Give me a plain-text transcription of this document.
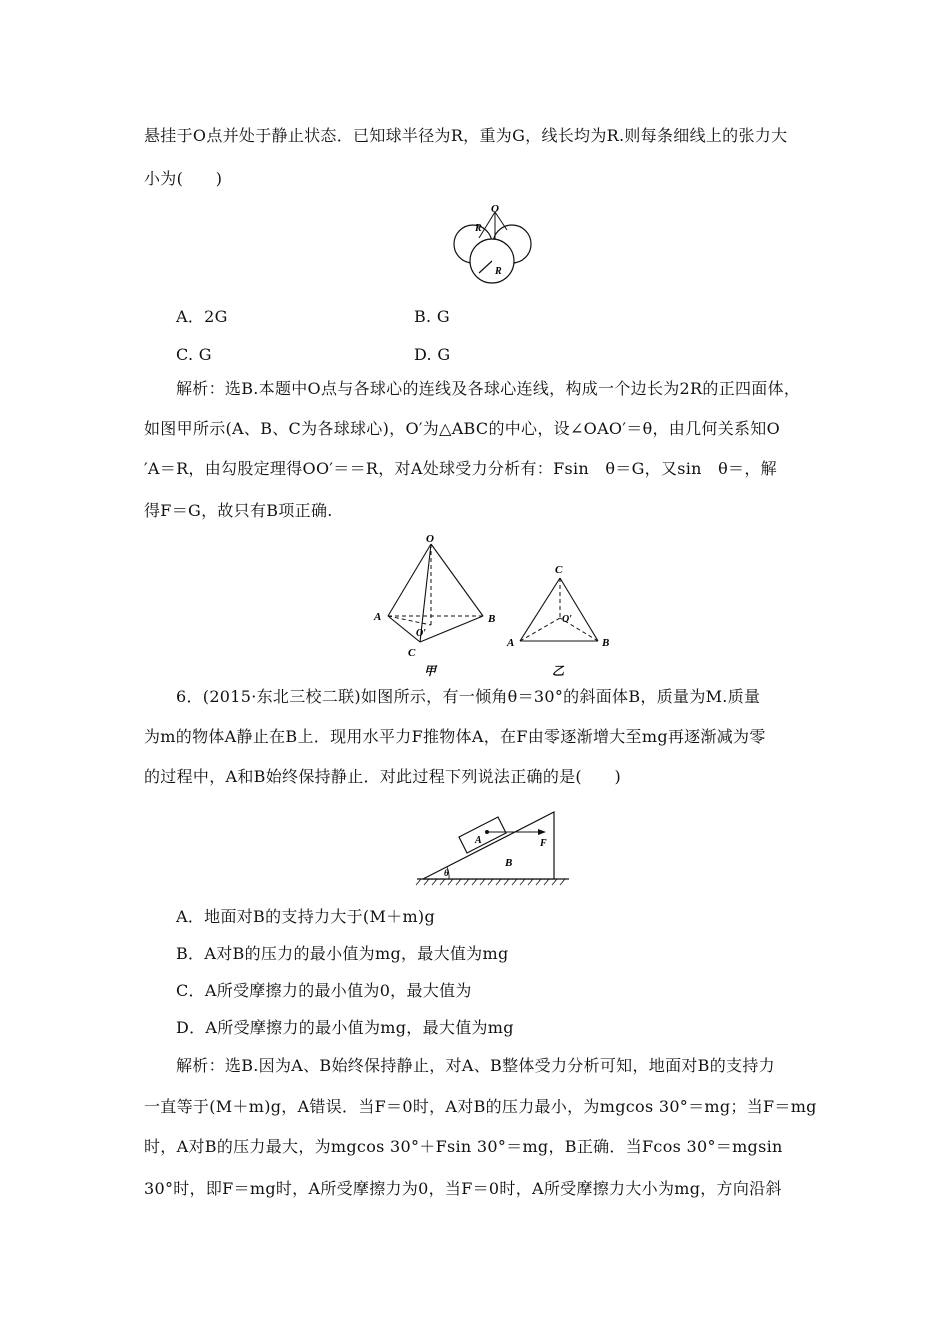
悬挂于O点并处于静止状态．已知球半径为R，重为G，线长均为R.则每条细线上的张力大
小为(　　)
O
R
R
A．2G	B. G
C. G	D. G
解析：选B.本题中O点与各球心的连线及各球心连线，构成一个边长为2R的正四面体，
如图甲所示(A、B、C为各球球心)，O′为△ABC的中心，设∠OAO′＝θ，由几何关系知O
′A＝R，由勾股定理得OO′＝＝R，对A处球受力分析有：Fsin　θ＝G，又sin　θ＝，解
得F＝G，故只有B项正确.
O
A	B
C
O′
甲
C
A	B
O′
乙
6．(2015·东北三校二联)如图所示，有一倾角θ＝30°的斜面体B，质量为M.质量
为m的物体A静止在B上．现用水平力F推物体A，在F由零逐渐增大至mg再逐渐减为零
的过程中，A和B始终保持静止．对此过程下列说法正确的是(　　)
A
B
F
θ
A．地面对B的支持力大于(M＋m)g
B．A对B的压力的最小值为mg，最大值为mg
C．A所受摩擦力的最小值为0，最大值为
D．A所受摩擦力的最小值为mg，最大值为mg
解析：选B.因为A、B始终保持静止，对A、B整体受力分析可知，地面对B的支持力
一直等于(M＋m)g，A错误．当F＝0时，A对B的压力最小，为mgcos 30°＝mg；当F＝mg
时，A对B的压力最大，为mgcos 30°＋Fsin 30°＝mg，B正确．当Fcos 30°＝mgsin
30°时，即F＝mg时，A所受摩擦力为0，当F＝0时，A所受摩擦力大小为mg，方向沿斜
